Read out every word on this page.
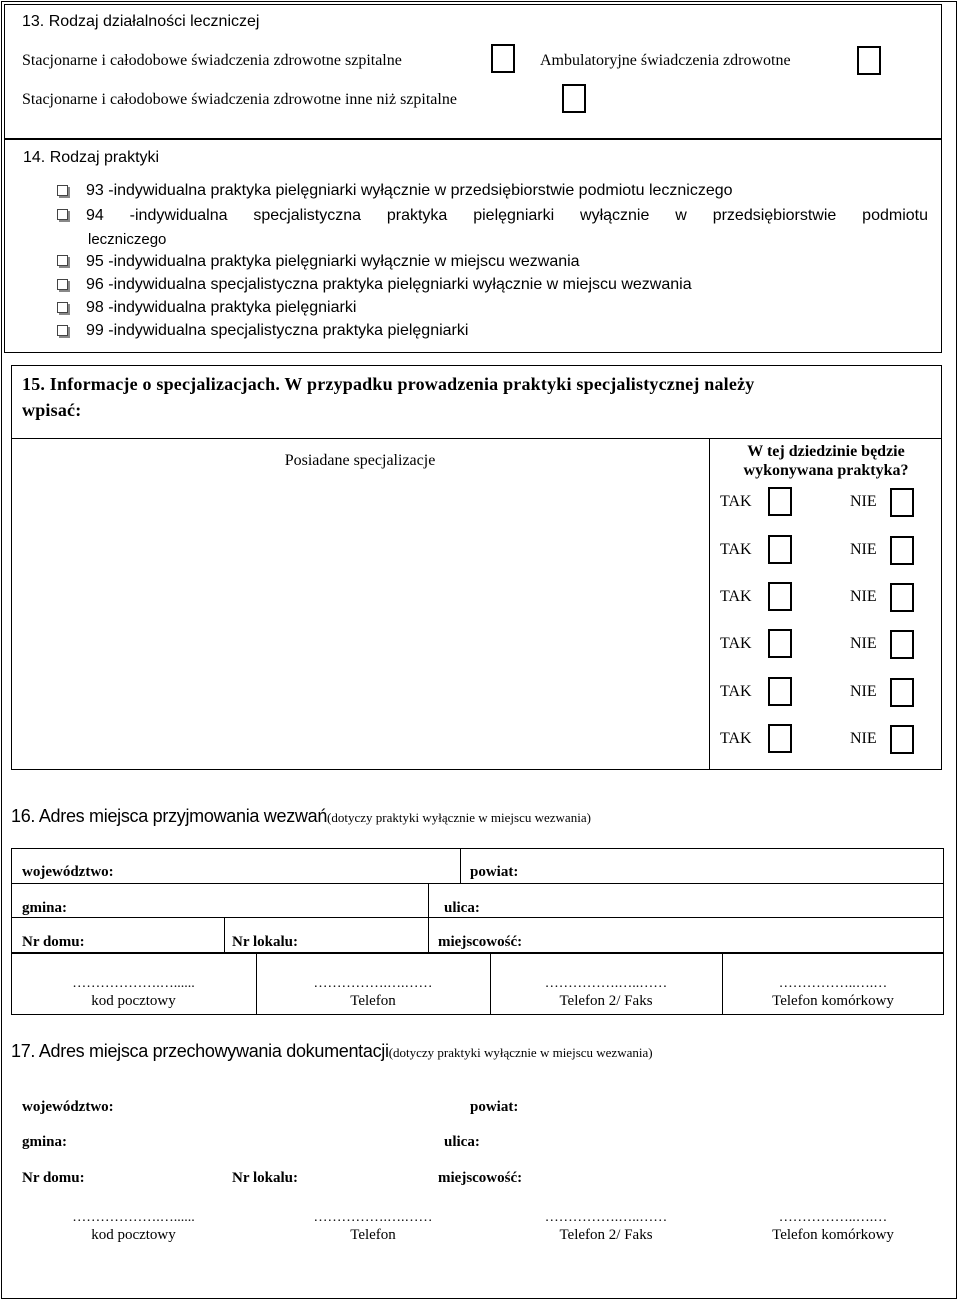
13. Rodzaj działalności leczniczej
Stacjonarne i całodobowe świadczenia zdrowotne szpitalne	Ambulatoryjne świadczenia zdrowotne
Stacjonarne i całodobowe świadczenia zdrowotne inne niż szpitalne
14. Rodzaj praktyki
93 -indywidualna praktyka pielęgniarki wyłącznie w przedsiębiorstwie podmiotu leczniczego
94 -indywidualna specjalistyczna praktyka pielęgniarki wyłącznie w przedsiębiorstwie podmiotu
leczniczego
95 -indywidualna praktyka pielęgniarki wyłącznie w miejscu wezwania
96 -indywidualna specjalistyczna praktyka pielęgniarki wyłącznie w miejscu wezwania
98 -indywidualna praktyka pielęgniarki
99 -indywidualna specjalistyczna praktyka pielęgniarki
15. Informacje o specjalizacjach. W przypadku prowadzenia praktyki specjalistycznej należy
wpisać:
Posiadane specjalizacje
W tej dziedzinie będzie
wykonywana praktyka?
TAK	NIE
TAK	NIE
TAK	NIE
TAK	NIE
TAK	NIE
TAK	NIE
16. Adres miejsca przyjmowania wezwań(dotyczy praktyki wyłącznie w miejscu wezwania)
województwo:	powiat:
gmina:	ulica:
Nr domu:	Nr lokalu:	miejscowość:
……………….…......	…………….….……	…………….…..……	……………..….…
kod pocztowy	Telefon	Telefon 2/ Faks	Telefon komórkowy
17. Adres miejsca przechowywania dokumentacji(dotyczy praktyki wyłącznie w miejscu wezwania)
województwo:	powiat:
gmina:	ulica:
Nr domu:	Nr lokalu:	miejscowość:
……………….…......	…………….….……	…………….…..……	……………..….…
kod pocztowy	Telefon	Telefon 2/ Faks	Telefon komórkowy
